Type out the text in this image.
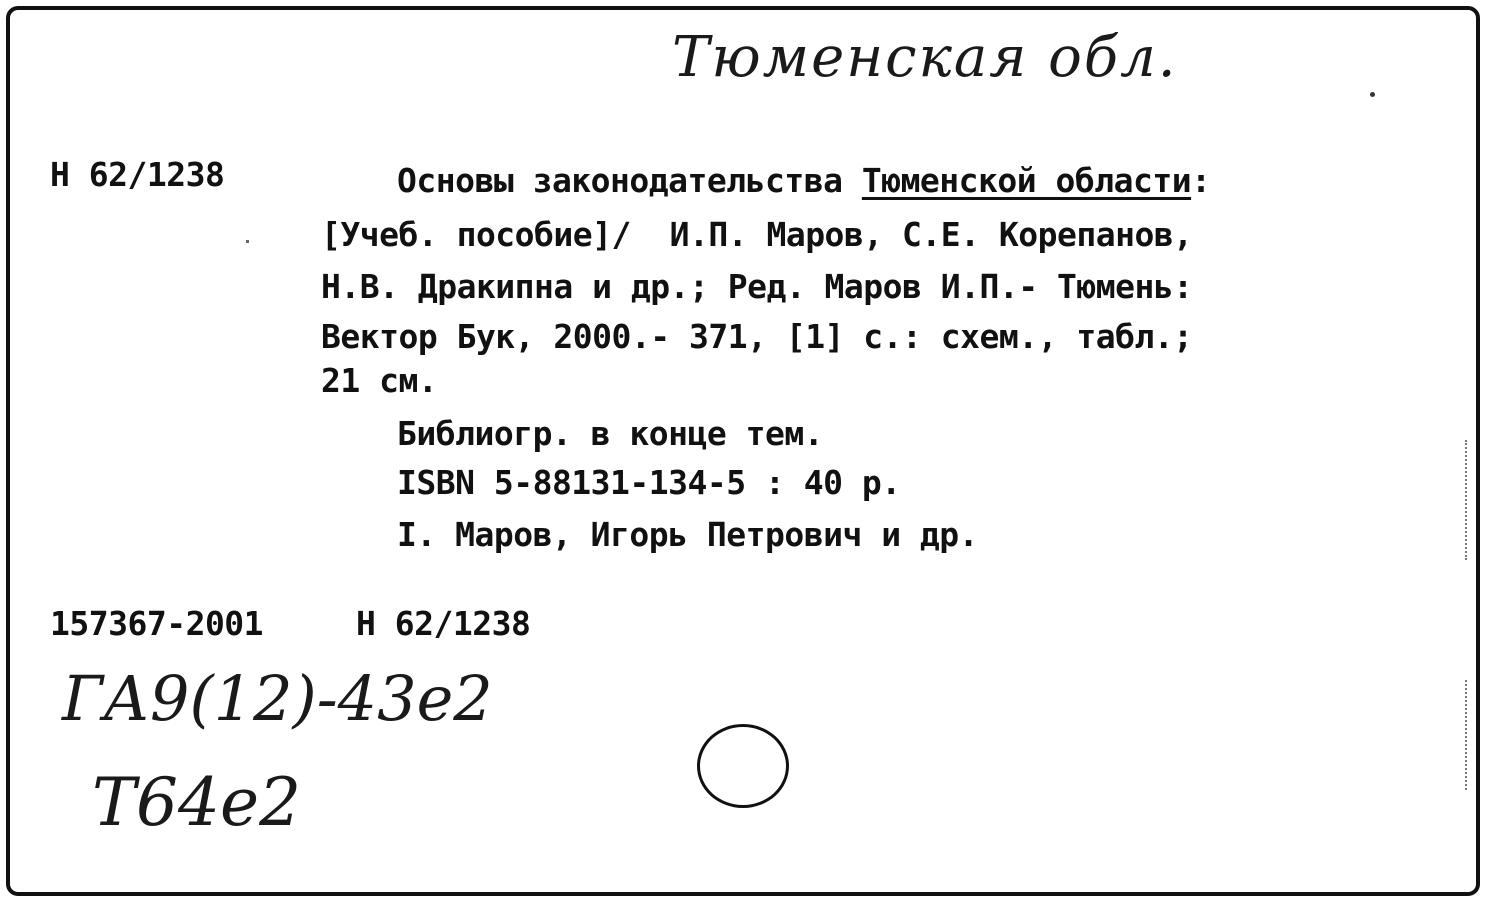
Тюменская обл.
Н 62/1238	Основы законодательства Тюменской области:
[Учеб. пособие]/  И.П. Маров, С.Е. Корепанов,
Н.В. Дракипна и др.; Ред. Маров И.П.- Тюмень:
Вектор Бук, 2000.- 371, [1] с.: схем., табл.;
21 см.
Библиогр. в конце тем.
ISBN 5-88131-134-5 : 40 р.
I. Маров, Игорь Петрович и др.
157367-2001	Н 62/1238
ГА9(12)-43е2
Т64е2
